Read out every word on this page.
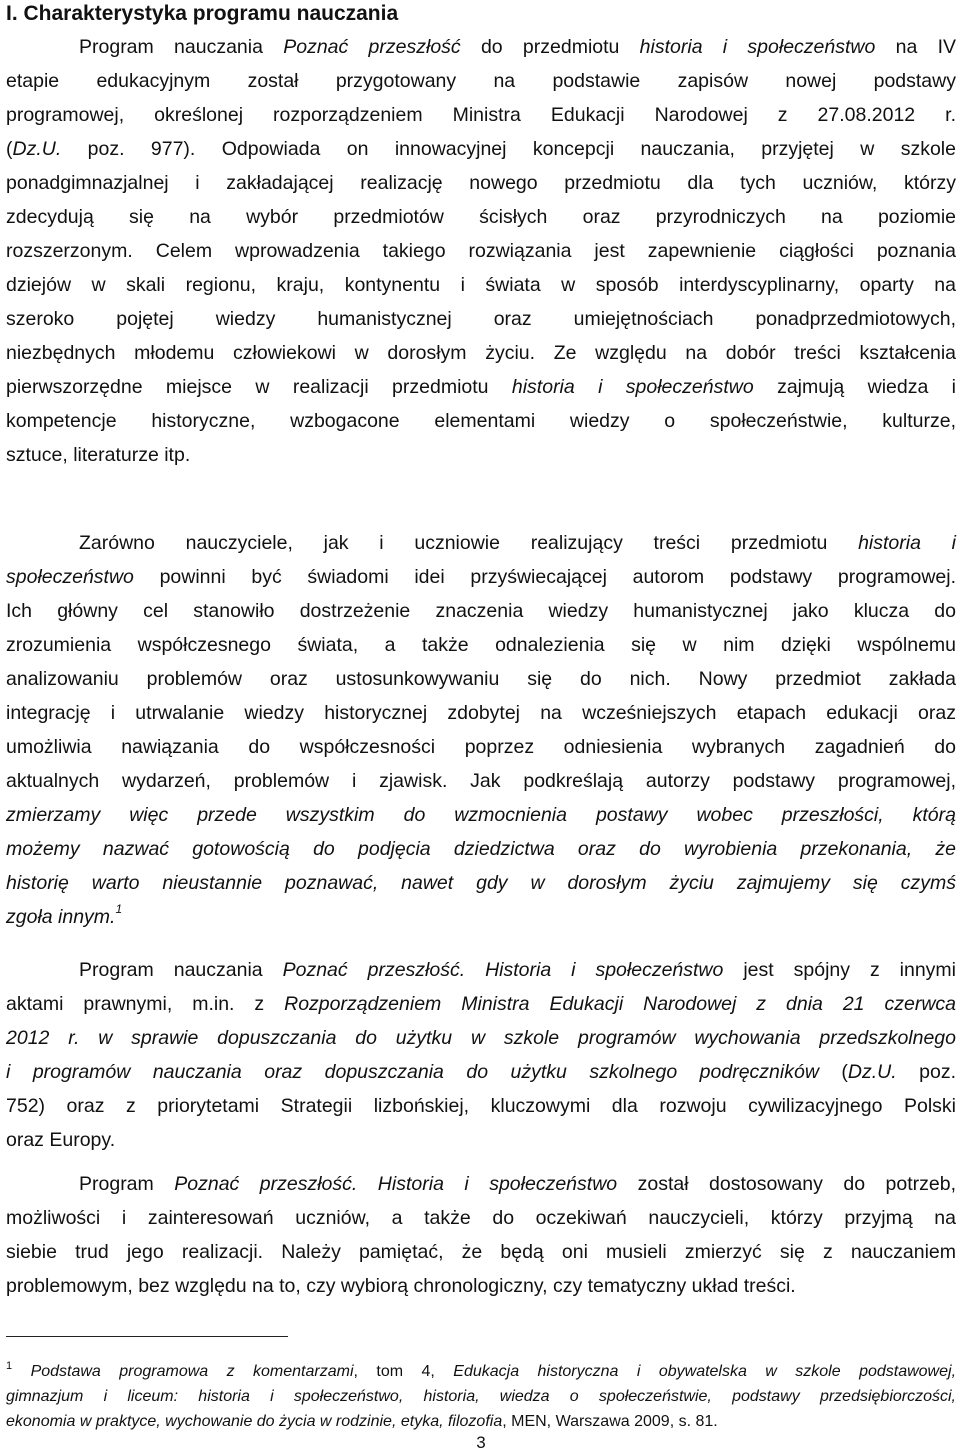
I. Charakterystyka programu nauczania
Program nauczania Poznać przeszłość do przedmiotu historia i społeczeństwo na IV
etapie edukacyjnym został przygotowany na podstawie zapisów nowej podstawy
programowej, określonej rozporządzeniem Ministra Edukacji Narodowej z 27.08.2012 r.
(Dz.U. poz. 977). Odpowiada on innowacyjnej koncepcji nauczania, przyjętej w szkole
ponadgimnazjalnej i zakładającej realizację nowego przedmiotu dla tych uczniów, którzy
zdecydują się na wybór przedmiotów ścisłych oraz przyrodniczych na poziomie
rozszerzonym. Celem wprowadzenia takiego rozwiązania jest zapewnienie ciągłości poznania
dziejów w skali regionu, kraju, kontynentu i świata w sposób interdyscyplinarny, oparty na
szeroko pojętej wiedzy humanistycznej oraz umiejętnościach ponadprzedmiotowych,
niezbędnych młodemu człowiekowi w dorosłym życiu. Ze względu na dobór treści kształcenia
pierwszorzędne miejsce w realizacji przedmiotu historia i społeczeństwo zajmują wiedza i
kompetencje historyczne, wzbogacone elementami wiedzy o społeczeństwie, kulturze,
sztuce, literaturze itp.
Zarówno nauczyciele, jak i uczniowie realizujący treści przedmiotu historia i
społeczeństwo powinni być świadomi idei przyświecającej autorom podstawy programowej.
Ich główny cel stanowiło dostrzeżenie znaczenia wiedzy humanistycznej jako klucza do
zrozumienia współczesnego świata, a także odnalezienia się w nim dzięki wspólnemu
analizowaniu problemów oraz ustosunkowywaniu się do nich. Nowy przedmiot zakłada
integrację i utrwalanie wiedzy historycznej zdobytej na wcześniejszych etapach edukacji oraz
umożliwia nawiązania do współczesności poprzez odniesienia wybranych zagadnień do
aktualnych wydarzeń, problemów i zjawisk. Jak podkreślają autorzy podstawy programowej,
zmierzamy więc przede wszystkim do wzmocnienia postawy wobec przeszłości, którą
możemy nazwać gotowością do podjęcia dziedzictwa oraz do wyrobienia przekonania, że
historię warto nieustannie poznawać, nawet gdy w dorosłym życiu zajmujemy się czymś
zgoła innym.$^1$
Program nauczania Poznać przeszłość. Historia i społeczeństwo jest spójny z innymi
aktami prawnymi, m.in. z Rozporządzeniem Ministra Edukacji Narodowej z dnia 21 czerwca
2012 r. w sprawie dopuszczania do użytku w szkole programów wychowania przedszkolnego
i programów nauczania oraz dopuszczania do użytku szkolnego podręczników (Dz.U. poz.
752) oraz z priorytetami Strategii lizbońskiej, kluczowymi dla rozwoju cywilizacyjnego Polski
oraz Europy.
Program Poznać przeszłość. Historia i społeczeństwo został dostosowany do potrzeb,
możliwości i zainteresowań uczniów, a także do oczekiwań nauczycieli, którzy przyjmą na
siebie trud jego realizacji. Należy pamiętać, że będą oni musieli zmierzyć się z nauczaniem
problemowym, bez względu na to, czy wybiorą chronologiczny, czy tematyczny układ treści.
$^1$ Podstawa programowa z komentarzami, tom 4, Edukacja historyczna i obywatelska w szkole podstawowej,
gimnazjum i liceum: historia i społeczeństwo, historia, wiedza o społeczeństwie, podstawy przedsiębiorczości,
ekonomia w praktyce, wychowanie do życia w rodzinie, etyka, filozofia, MEN, Warszawa 2009, s. 81.
3
